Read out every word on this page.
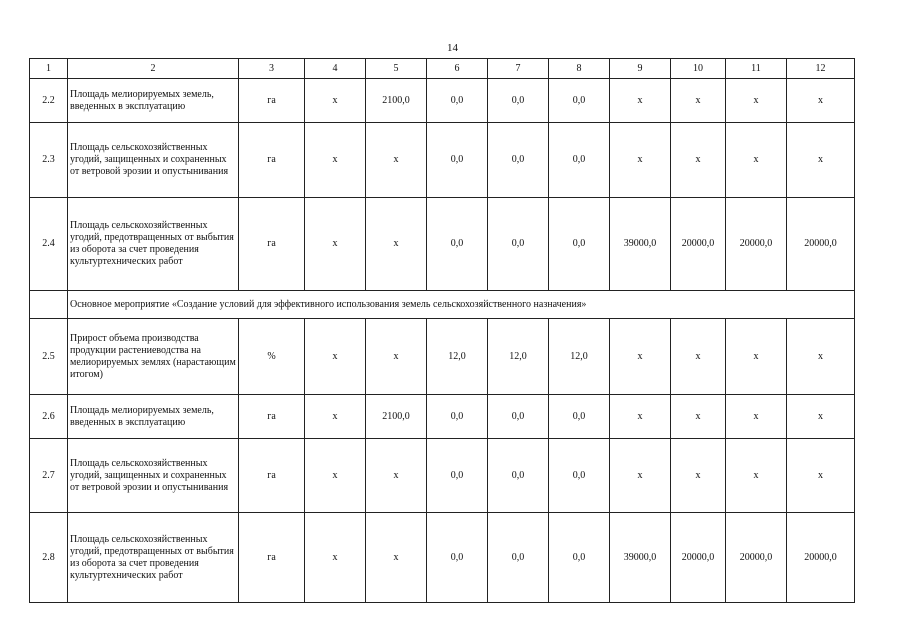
14
1	2	3	4	5	6	7	8	9	10	11	12
2.2	Площадь мелиорируемых земель, введенных в эксплуатацию	га	х	2100,0	0,0	0,0	0,0	х	х	х	х
2.3	Площадь сельскохозяйственных угодий, защищенных и сохраненных от ветровой эрозии и опустынивания	га	х	х	0,0	0,0	0,0	х	х	х	х
2.4	Площадь сельскохозяйственных угодий, предотвращенных от выбытия из оборота за счет проведения культуртехнических работ	га	х	х	0,0	0,0	0,0	39000,0	20000,0	20000,0	20000,0
	Основное мероприятие «Создание условий для эффективного использования земель сельскохозяйственного назначения»										
2.5	Прирост объема производства продукции растениеводства на мелиорируемых землях (нарастающим итогом)	%	х	х	12,0	12,0	12,0	х	х	х	х
2.6	Площадь мелиорируемых земель, введенных в эксплуатацию	га	х	2100,0	0,0	0,0	0,0	х	х	х	х
2.7	Площадь сельскохозяйственных угодий, защищенных и сохраненных от ветровой эрозии и опустынивания	га	х	х	0,0	0,0	0,0	х	х	х	х
2.8	Площадь сельскохозяйственных угодий, предотвращенных от выбытия из оборота за счет проведения культуртехнических работ	га	х	х	0,0	0,0	0,0	39000,0	20000,0	20000,0	20000,0
